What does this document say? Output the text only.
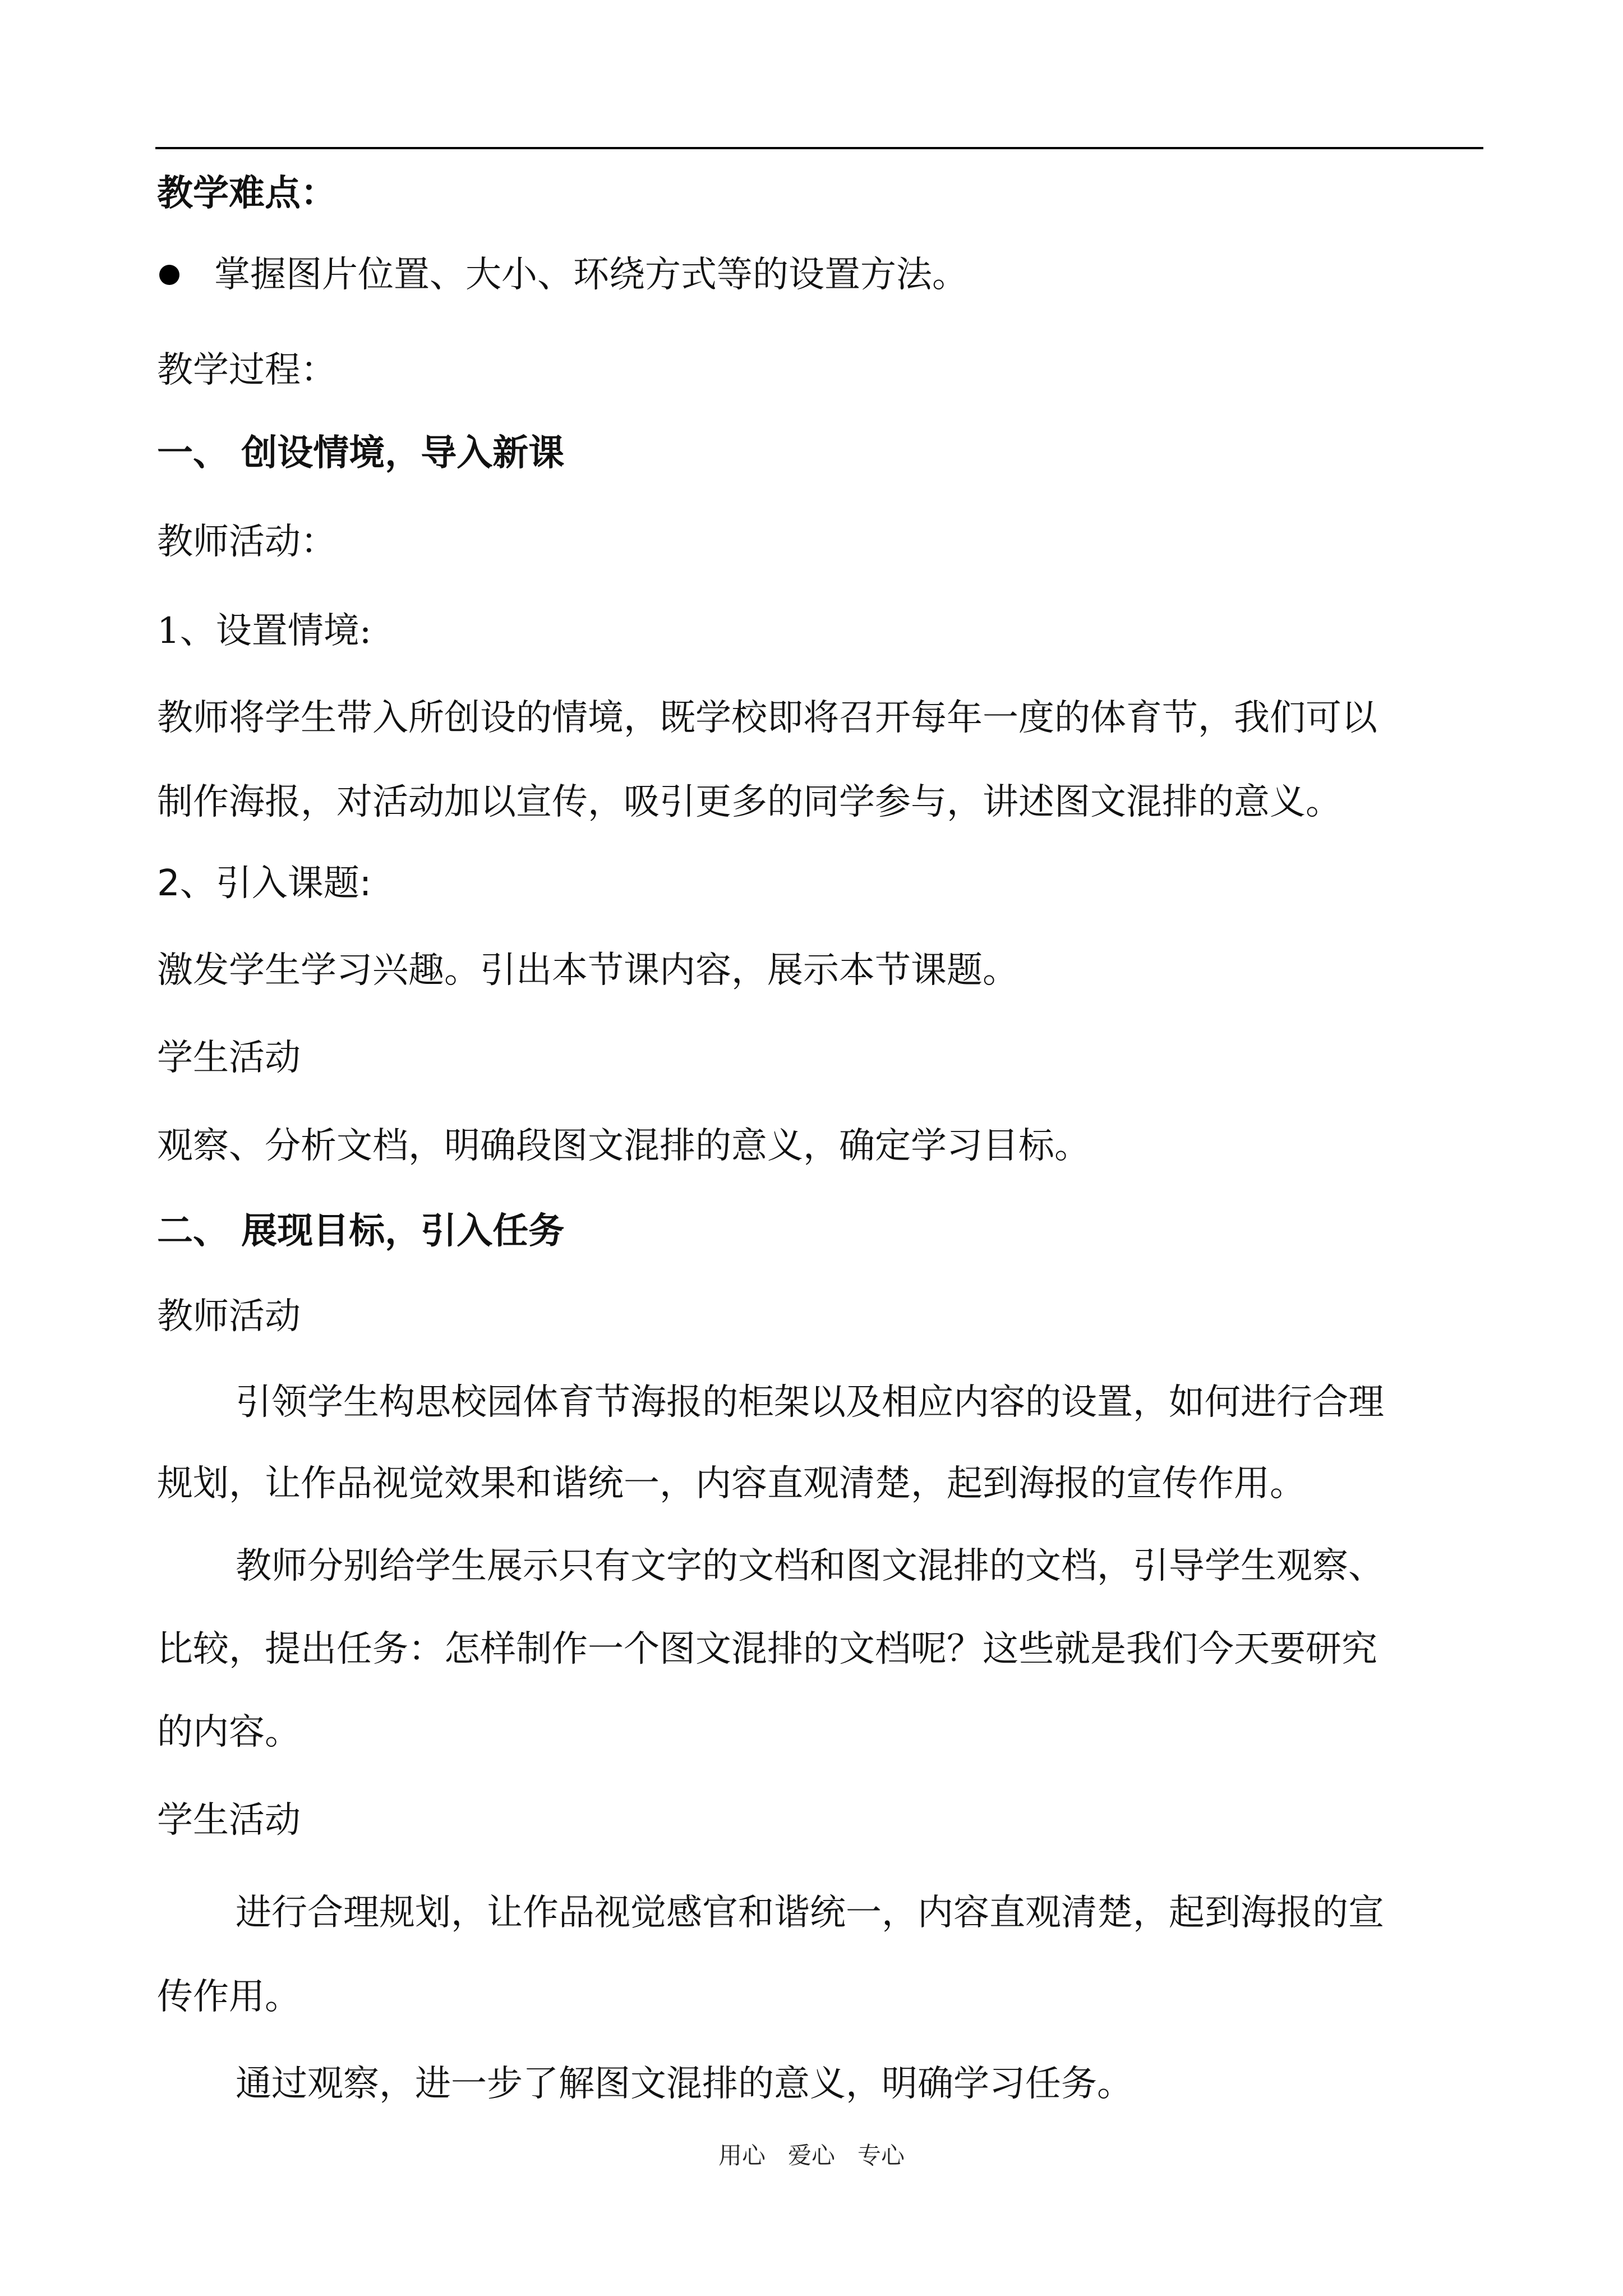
教学难点：
掌握图片位置、大小、环绕方式等的设置方法。
教学过程：
一、 创设情境，导入新课
教师活动：
1、设置情境:
教师将学生带入所创设的情境，既学校即将召开每年一度的体育节，我们可以
制作海报，对活动加以宣传，吸引更多的同学参与，讲述图文混排的意义。
2、引入课题:
激发学生学习兴趣。引出本节课内容，展示本节课题。
学生活动
观察、分析文档，明确段图文混排的意义，确定学习目标。
二、 展现目标，引入任务
教师活动
引领学生构思校园体育节海报的柜架以及相应内容的设置，如何进行合理
规划，让作品视觉效果和谐统一，内容直观清楚，起到海报的宣传作用。
教师分别给学生展示只有文字的文档和图文混排的文档，引导学生观察、
比较，提出任务：怎样制作一个图文混排的文档呢？这些就是我们今天要研究
的内容。
学生活动
进行合理规划，让作品视觉感官和谐统一，内容直观清楚，起到海报的宣
传作用。
通过观察，进一步了解图文混排的意义，明确学习任务。
用心   爱心   专心
